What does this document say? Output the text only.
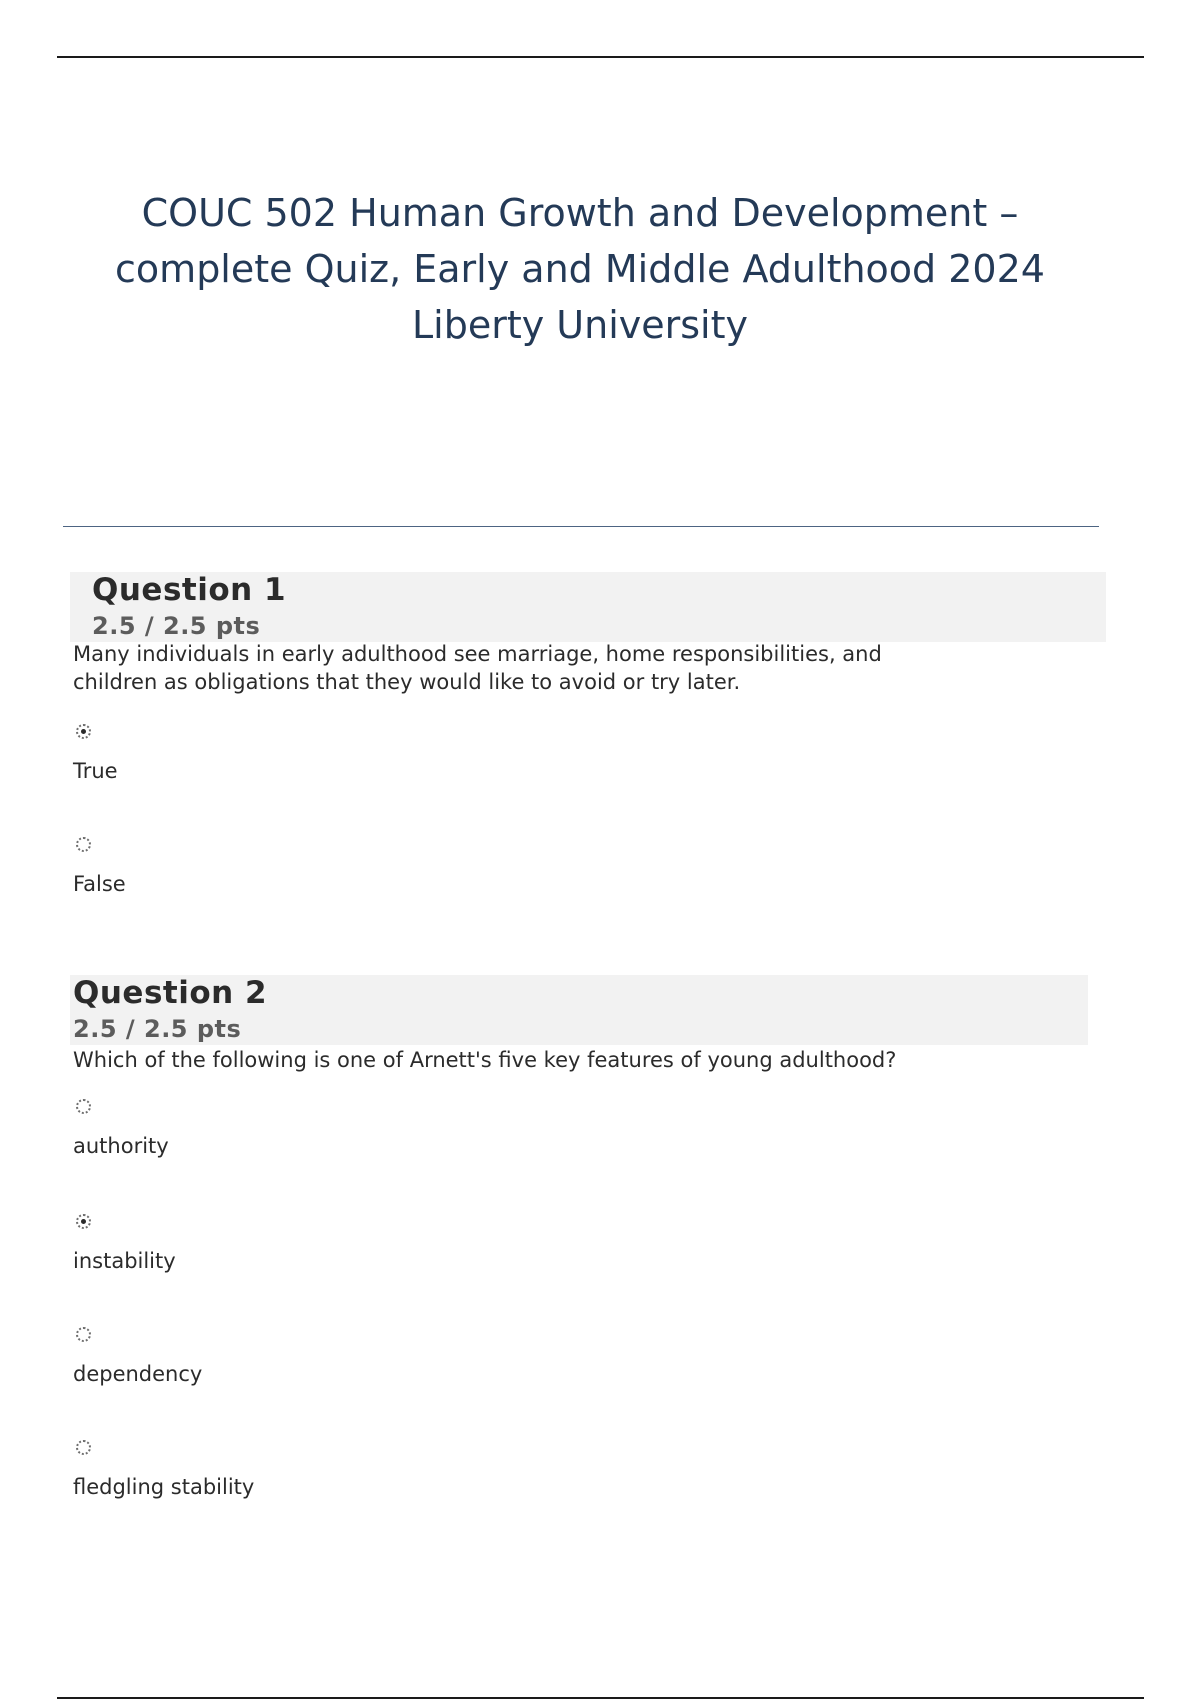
COUC 502 Human Growth and Development – complete Quiz, Early and Middle Adulthood 2024 Liberty University
Question 1
2.5 / 2.5 pts

Many individuals in early adulthood see marriage, home responsibilities, and children as obligations that they would like to avoid or try later.

True
False
Question 2
2.5 / 2.5 pts

Which of the following is one of Arnett's five key features of young adulthood?

authority
instability
dependency
fledgling stability
